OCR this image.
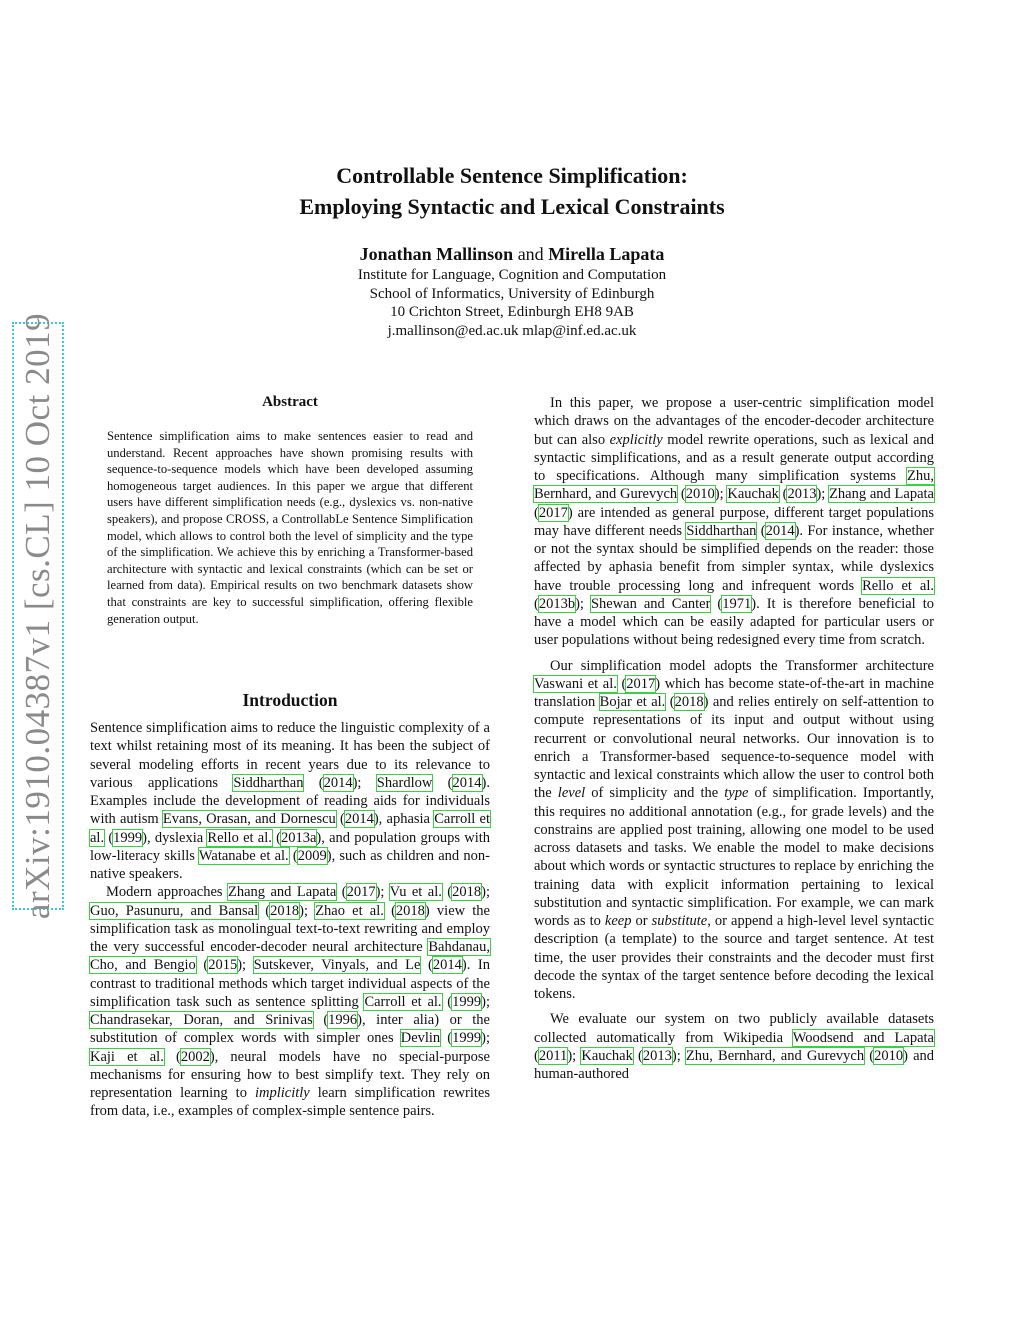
arXiv:1910.04387v1 [cs.CL] 10 Oct 2019
Controllable Sentence Simplification:
Employing Syntactic and Lexical Constraints
Jonathan Mallinson and Mirella Lapata
Institute for Language, Cognition and Computation
School of Informatics, University of Edinburgh
10 Crichton Street, Edinburgh EH8 9AB
j.mallinson@ed.ac.uk mlap@inf.ed.ac.uk
Abstract
Sentence simplification aims to make sentences easier to read and understand. Recent approaches have shown promising results with sequence-to-sequence models which have been developed assuming homogeneous target audiences. In this paper we argue that different users have different simplification needs (e.g., dyslexics vs. non-native speakers), and propose CROSS, a ControllabLe Sentence Simplification model, which allows to control both the level of simplicity and the type of the simplification. We achieve this by enriching a Transformer-based architecture with syntactic and lexical constraints (which can be set or learned from data). Empirical results on two benchmark datasets show that constraints are key to successful simplification, offering flexible generation output.
Introduction

Sentence simplification aims to reduce the linguistic complexity of a text whilst retaining most of its meaning. It has been the subject of several modeling efforts in recent years due to its relevance to various applications Siddharthan (2014); Shardlow (2014). Examples include the development of reading aids for individuals with autism Evans, Orasan, and Dornescu (2014), aphasia Carroll et al. (1999), dyslexia Rello et al. (2013a), and population groups with low-literacy skills Watanabe et al. (2009), such as children and non-native speakers.

Modern approaches Zhang and Lapata (2017); Vu et al. (2018); Guo, Pasunuru, and Bansal (2018); Zhao et al. (2018) view the simplification task as monolingual text-to-text rewriting and employ the very successful encoder-decoder neural architecture Bahdanau, Cho, and Bengio (2015); Sutskever, Vinyals, and Le (2014). In contrast to traditional methods which target individual aspects of the simplification task such as sentence splitting Carroll et al. (1999); Chandrasekar, Doran, and Srinivas (1996), inter alia) or the substitution of complex words with simpler ones Devlin (1999); Kaji et al. (2002), neural models have no special-purpose mechanisms for ensuring how to best simplify text. They rely on representation learning to implicitly learn simplification rewrites from data, i.e., examples of complex-simple sentence pairs.

In this paper, we propose a user-centric simplification model which draws on the advantages of the encoder-decoder architecture but can also explicitly model rewrite operations, such as lexical and syntactic simplifications, and as a result generate output according to specifications. Although many simplification systems Zhu, Bernhard, and Gurevych (2010); Kauchak (2013); Zhang and Lapata (2017) are intended as general purpose, different target populations may have different needs Siddharthan (2014). For instance, whether or not the syntax should be simplified depends on the reader: those affected by aphasia benefit from simpler syntax, while dyslexics have trouble processing long and infrequent words Rello et al. (2013b); Shewan and Canter (1971). It is therefore beneficial to have a model which can be easily adapted for particular users or user populations without being redesigned every time from scratch.

Our simplification model adopts the Transformer architecture Vaswani et al. (2017) which has become state-of-the-art in machine translation Bojar et al. (2018) and relies entirely on self-attention to compute representations of its input and output without using recurrent or convolutional neural networks. Our innovation is to enrich a Transformer-based sequence-to-sequence model with syntactic and lexical constraints which allow the user to control both the level of simplicity and the type of simplification. Importantly, this requires no additional annotation (e.g., for grade levels) and the constrains are applied post training, allowing one model to be used across datasets and tasks. We enable the model to make decisions about which words or syntactic structures to replace by enriching the training data with explicit information pertaining to lexical substitution and syntactic simplification. For example, we can mark words as to keep or substitute, or append a high-level level syntactic description (a template) to the source and target sentence. At test time, the user provides their constraints and the decoder must first decode the syntax of the target sentence before decoding the lexical tokens.

We evaluate our system on two publicly available datasets collected automatically from Wikipedia Woodsend and Lapata (2011); Kauchak (2013); Zhu, Bernhard, and Gurevych (2010) and human-authored
